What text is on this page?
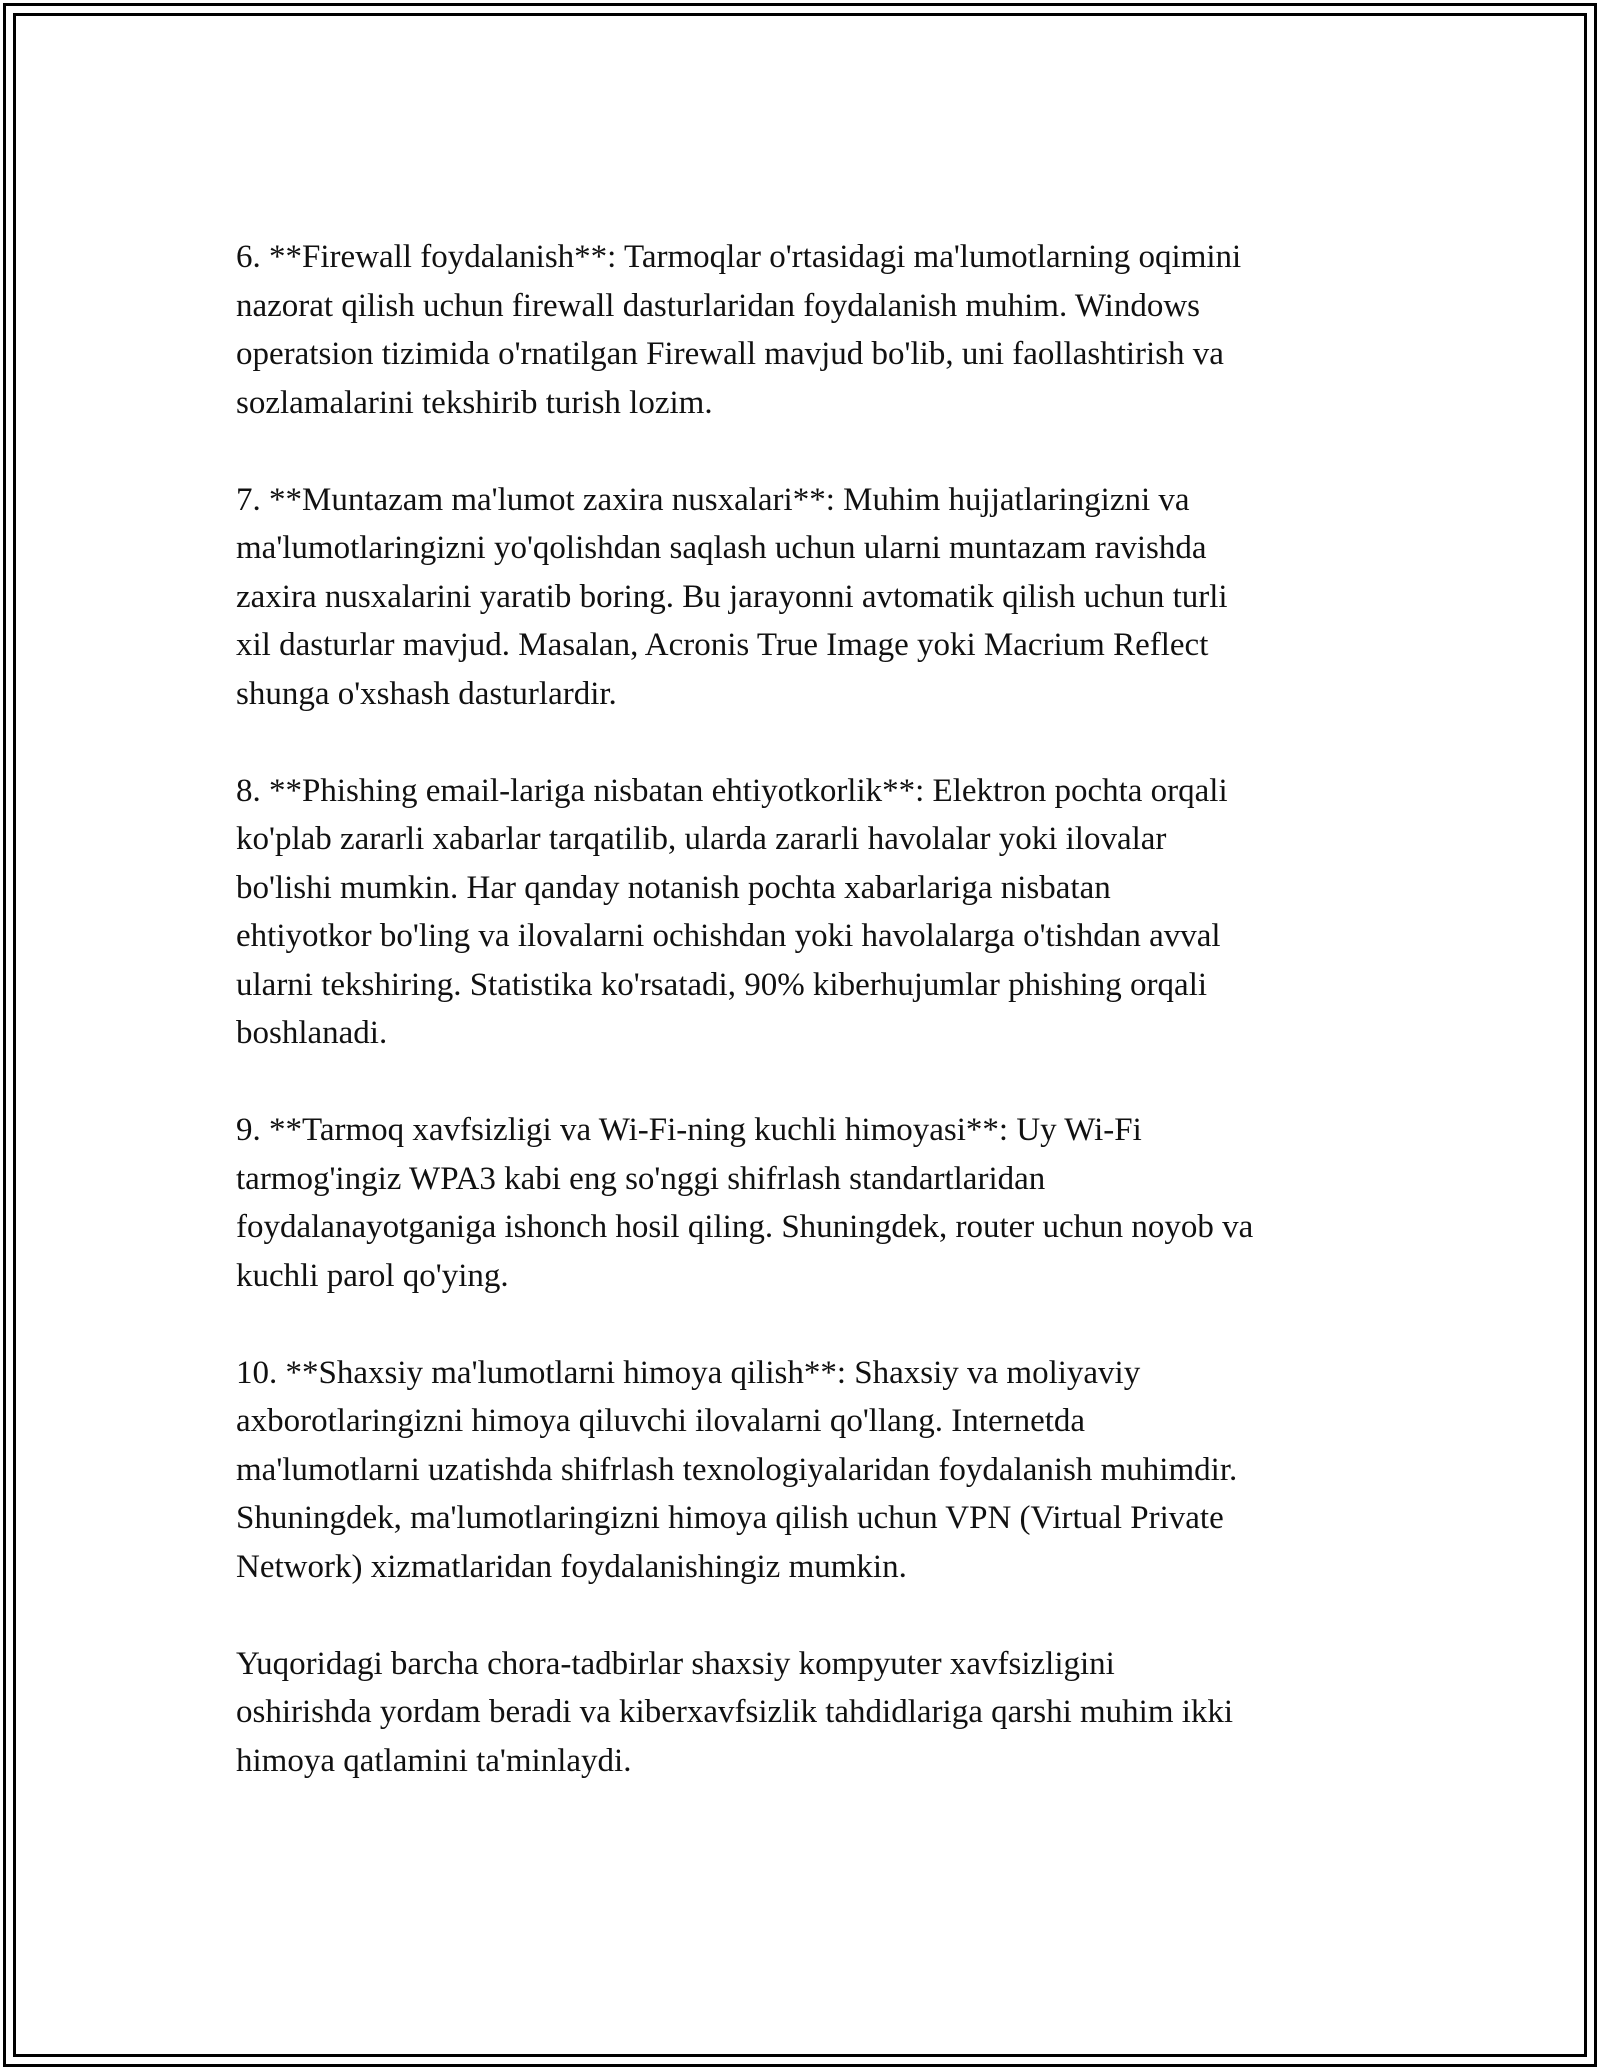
6. **Firewall foydalanish**: Tarmoqlar o'rtasidagi ma'lumotlarning oqimini
nazorat qilish uchun firewall dasturlaridan foydalanish muhim. Windows
operatsion tizimida o'rnatilgan Firewall mavjud bo'lib, uni faollashtirish va
sozlamalarini tekshirib turish lozim.

7. **Muntazam ma'lumot zaxira nusxalari**: Muhim hujjatlaringizni va
ma'lumotlaringizni yo'qolishdan saqlash uchun ularni muntazam ravishda
zaxira nusxalarini yaratib boring. Bu jarayonni avtomatik qilish uchun turli
xil dasturlar mavjud. Masalan, Acronis True Image yoki Macrium Reflect
shunga o'xshash dasturlardir.

8. **Phishing email-lariga nisbatan ehtiyotkorlik**: Elektron pochta orqali
ko'plab zararli xabarlar tarqatilib, ularda zararli havolalar yoki ilovalar
bo'lishi mumkin. Har qanday notanish pochta xabarlariga nisbatan
ehtiyotkor bo'ling va ilovalarni ochishdan yoki havolalarga o'tishdan avval
ularni tekshiring. Statistika ko'rsatadi, 90% kiberhujumlar phishing orqali
boshlanadi.

9. **Tarmoq xavfsizligi va Wi-Fi-ning kuchli himoyasi**: Uy Wi-Fi
tarmog'ingiz WPA3 kabi eng so'nggi shifrlash standartlaridan
foydalanayotganiga ishonch hosil qiling. Shuningdek, router uchun noyob va
kuchli parol qo'ying.

10. **Shaxsiy ma'lumotlarni himoya qilish**: Shaxsiy va moliyaviy
axborotlaringizni himoya qiluvchi ilovalarni qo'llang. Internetda
ma'lumotlarni uzatishda shifrlash texnologiyalaridan foydalanish muhimdir.
Shuningdek, ma'lumotlaringizni himoya qilish uchun VPN (Virtual Private
Network) xizmatlaridan foydalanishingiz mumkin.

Yuqoridagi barcha chora-tadbirlar shaxsiy kompyuter xavfsizligini
oshirishda yordam beradi va kiberxavfsizlik tahdidlariga qarshi muhim ikki
himoya qatlamini ta'minlaydi.
